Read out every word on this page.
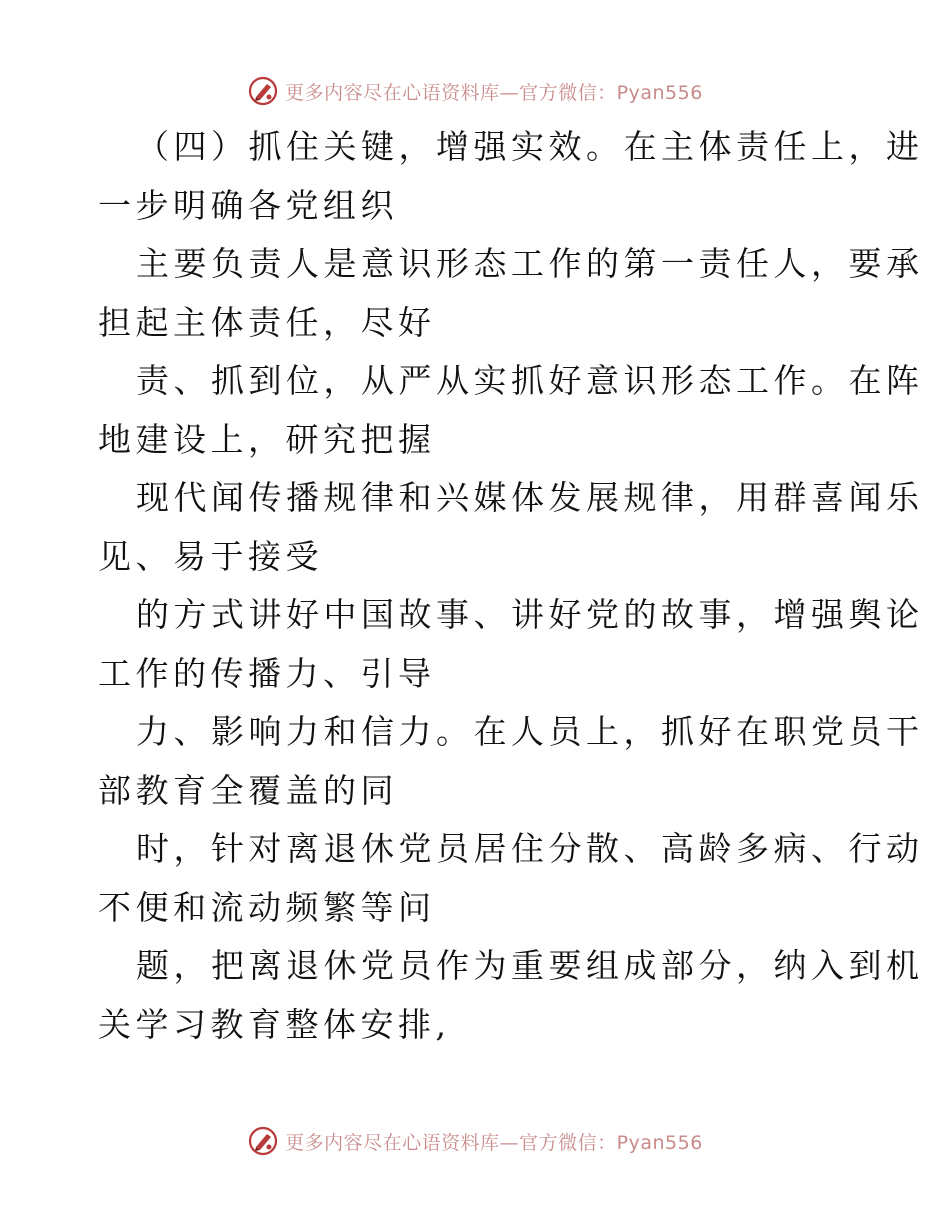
更多内容尽在心语资料库—官方微信：Pyan556

（四）抓住关键，增强实效。在主体责任上，进

一步明确各党组织

主要负责人是意识形态工作的第一责任人，要承

担起主体责任，尽好

责、抓到位，从严从实抓好意识形态工作。在阵

地建设上，研究把握

现代闻传播规律和兴媒体发展规律，用群喜闻乐

见、易于接受

的方式讲好中国故事、讲好党的故事，增强舆论

工作的传播力、引导

力、影响力和信力。在人员上，抓好在职党员干

部教育全覆盖的同

时，针对离退休党员居住分散、高龄多病、行动

不便和流动频繁等问

题，把离退休党员作为重要组成部分，纳入到机

关学习教育整体安排,

更多内容尽在心语资料库—官方微信：Pyan556
